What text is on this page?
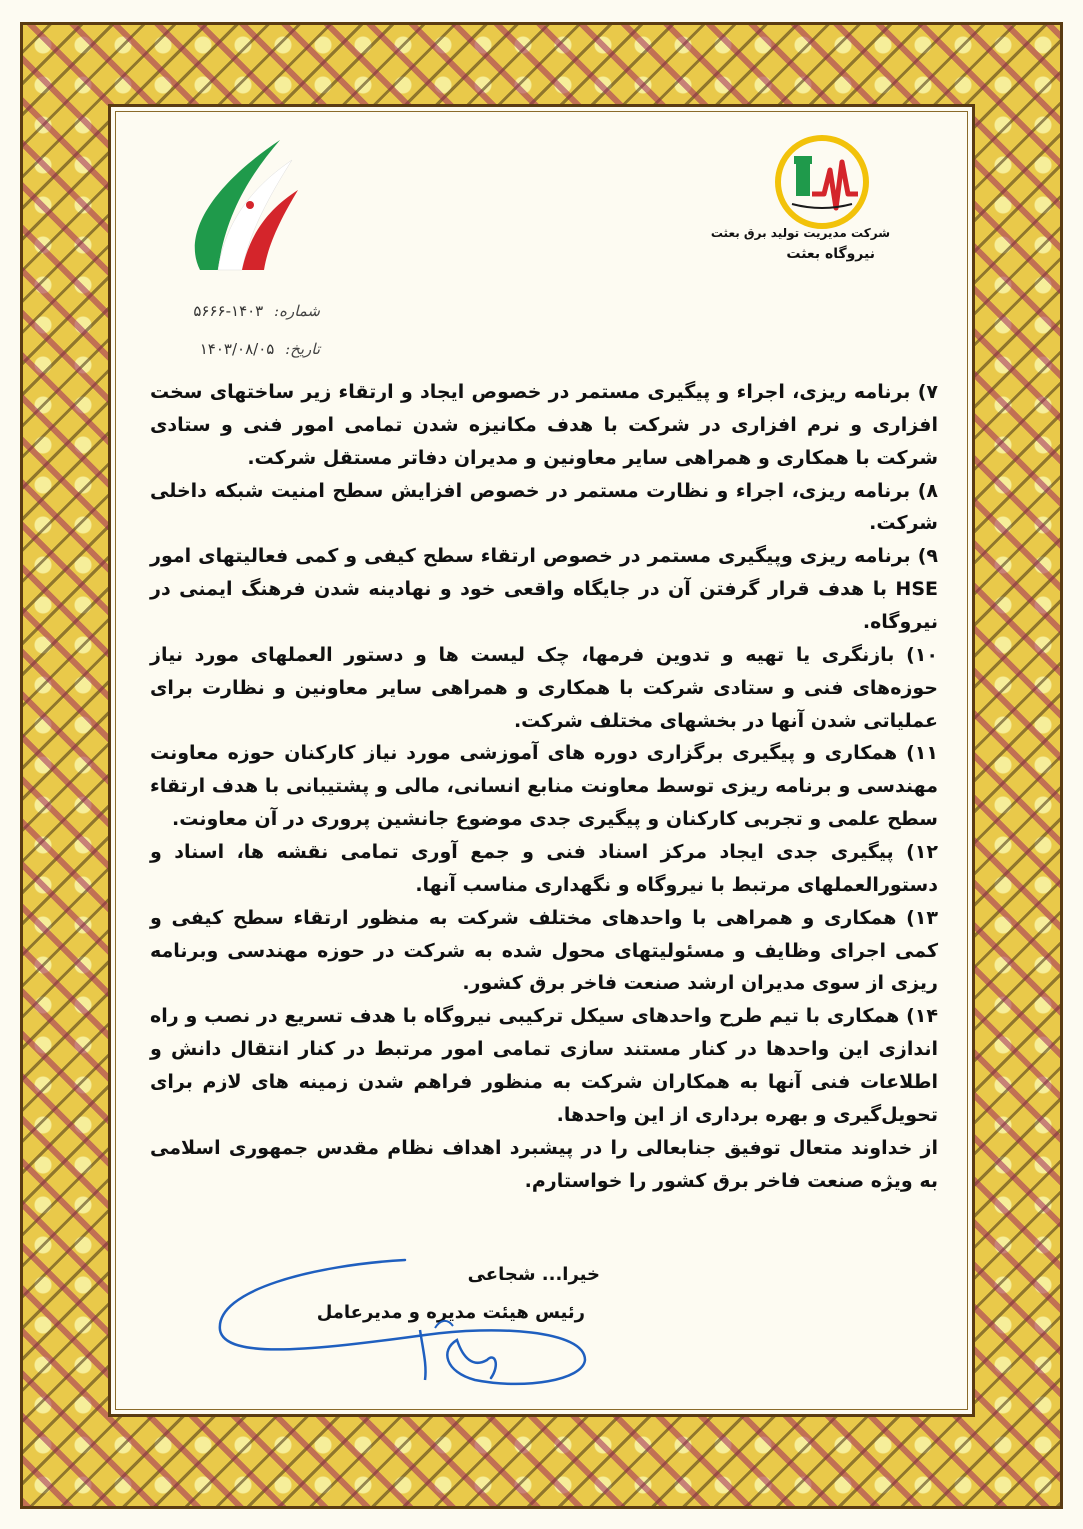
شرکت مدیریت تولید برق بعثت
نیروگاه بعثت
شماره: ۱۴۰۳-۵۶۶۶
تاریخ: ۱۴۰۳/۰۸/۰۵

۷) برنامه ریزی، اجراء و پیگیری مستمر در خصوص ایجاد و ارتقاء زیر ساختهای سخت افزاری و نرم افزاری در شرکت با هدف مکانیزه شدن تمامی امور فنی و ستادی شرکت با همکاری و همراهی سایر معاونین و مدیران دفاتر مستقل شرکت.

۸) برنامه ریزی، اجراء و نظارت مستمر در خصوص افزایش سطح امنیت شبکه داخلی شرکت.

۹) برنامه ریزی وپیگیری مستمر در خصوص ارتقاء سطح کیفی و کمی فعالیتهای امور HSE با هدف قرار گرفتن آن در جایگاه واقعی خود و نهادینه شدن فرهنگ ایمنی در نیروگاه.

۱۰) بازنگری یا تهیه و تدوین فرمها، چک لیست ها و دستور العملهای مورد نیاز حوزه‌های فنی و ستادی شرکت با همکاری و همراهی سایر معاونین و نظارت برای عملیاتی شدن آنها در بخشهای مختلف شرکت.

۱۱) همکاری و پیگیری برگزاری دوره های آموزشی مورد نیاز کارکنان حوزه معاونت مهندسی و برنامه ریزی توسط معاونت منابع انسانی، مالی و پشتیبانی با هدف ارتقاء سطح علمی و تجربی کارکنان و پیگیری جدی موضوع جانشین پروری در آن معاونت.

۱۲) پیگیری جدی ایجاد مرکز اسناد فنی و جمع آوری تمامی نقشه ها، اسناد و دستورالعملهای مرتبط با نیروگاه و نگهداری مناسب آنها.

۱۳) همکاری و همراهی با واحدهای مختلف شرکت به منظور ارتقاء سطح کیفی و کمی اجرای وظایف و مسئولیتهای محول شده به شرکت در حوزه مهندسی وبرنامه ریزی از سوی مدیران ارشد صنعت فاخر برق کشور.

۱۴) همکاری با تیم طرح واحدهای سیکل ترکیبی نیروگاه با هدف تسریع در نصب و راه اندازی این واحدها در کنار مستند سازی تمامی امور مرتبط در کنار انتقال دانش و اطلاعات فنی آنها به همکاران شرکت به منظور فراهم شدن زمینه های لازم برای تحویل‌گیری و بهره برداری از این واحدها.

از خداوند متعال توفیق جنابعالی را در پیشبرد اهداف نظام مقدس جمهوری اسلامی به ویژه صنعت فاخر برق کشور را خواستارم.

خیرا... شجاعی
رئیس هیئت مدیره و مدیرعامل
